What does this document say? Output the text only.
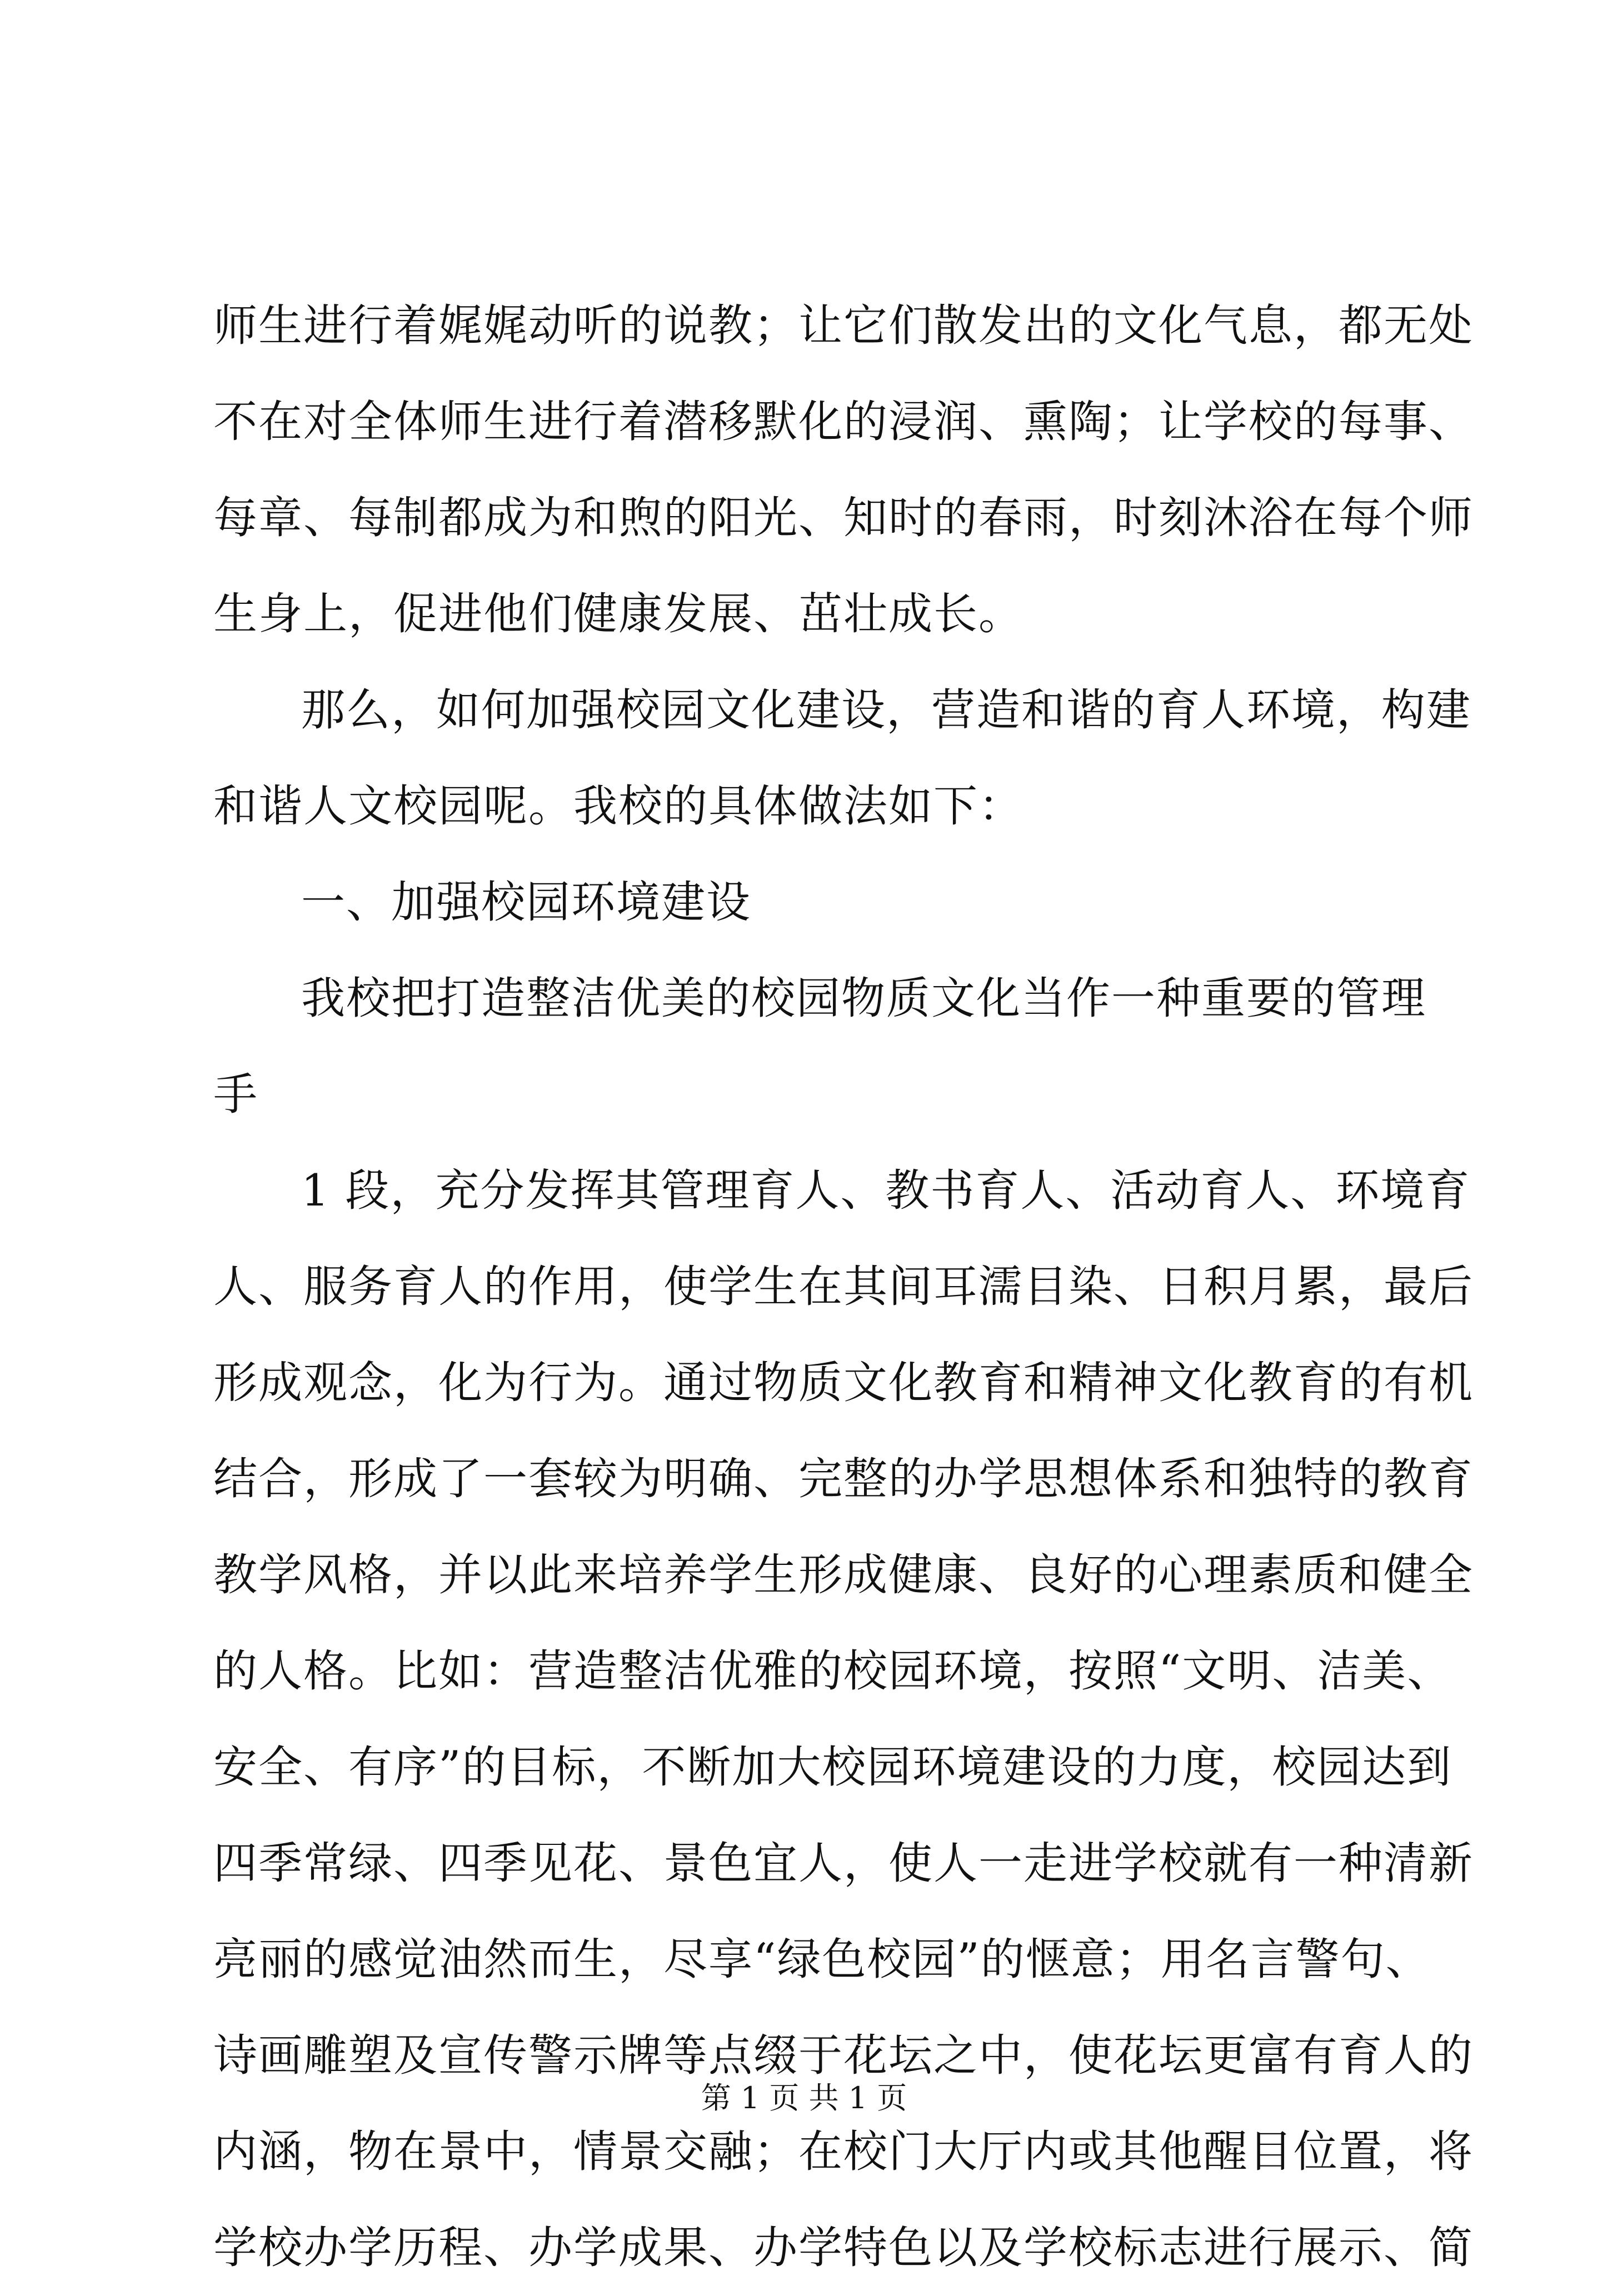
师生进行着娓娓动听的说教；让它们散发出的文化气息，都无处
不在对全体师生进行着潜移默化的浸润、熏陶；让学校的每事、
每章、每制都成为和煦的阳光、知时的春雨，时刻沐浴在每个师
生身上，促进他们健康发展、茁壮成长。
那么，如何加强校园文化建设，营造和谐的育人环境，构建
和谐人文校园呢。我校的具体做法如下：
一、加强校园环境建设
我校把打造整洁优美的校园物质文化当作一种重要的管理
手
1 段，充分发挥其管理育人、教书育人、活动育人、环境育
人、服务育人的作用，使学生在其间耳濡目染、日积月累，最后
形成观念，化为行为。通过物质文化教育和精神文化教育的有机
结合，形成了一套较为明确、完整的办学思想体系和独特的教育
教学风格，并以此来培养学生形成健康、良好的心理素质和健全
的人格。比如：营造整洁优雅的校园环境，按照“文明、洁美、
安全、有序”的目标，不断加大校园环境建设的力度，校园达到
四季常绿、四季见花、景色宜人，使人一走进学校就有一种清新
亮丽的感觉油然而生，尽享“绿色校园”的惬意；用名言警句、
诗画雕塑及宣传警示牌等点缀于花坛之中，使花坛更富有育人的
内涵，物在景中，情景交融；在校门大厅内或其他醒目位置，将
学校办学历程、办学成果、办学特色以及学校标志进行展示、简
第 1 页 共 1 页
